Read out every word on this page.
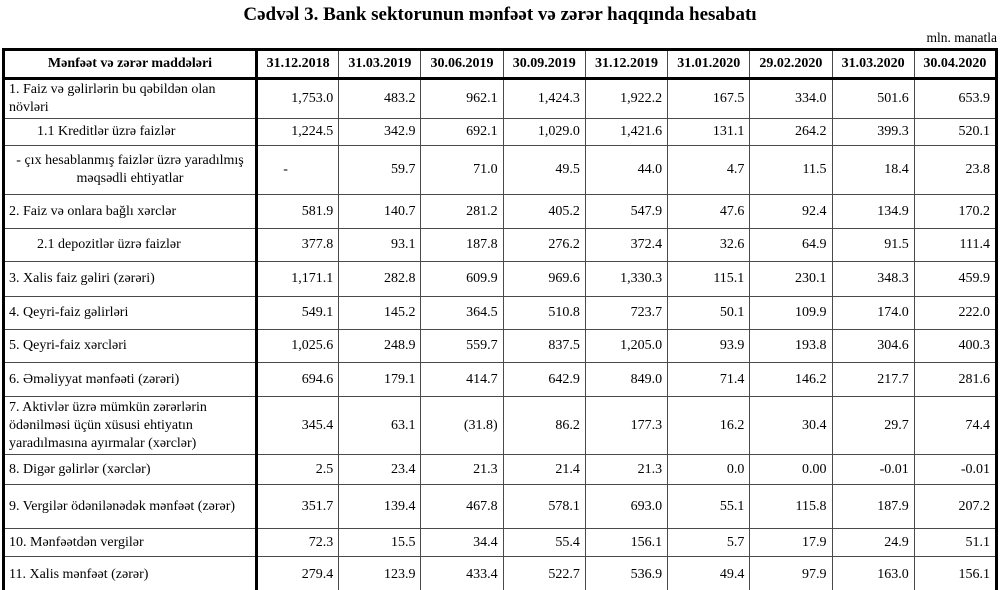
Cədvəl 3. Bank sektorunun mənfəət və zərər haqqında hesabatı
mln. manatla
Mənfəət və zərər maddələri	31.12.2018	31.03.2019	30.06.2019	30.09.2019	31.12.2019	31.01.2020	29.02.2020	31.03.2020	30.04.2020
1. Faiz və gəlirlərin bu qəbildən olan növləri	1,753.0	483.2	962.1	1,424.3	1,922.2	167.5	334.0	501.6	653.9
1.1 Kreditlər üzrə faizlər	1,224.5	342.9	692.1	1,029.0	1,421.6	131.1	264.2	399.3	520.1
- çıx hesablanmış faizlər üzrə yaradılmış məqsədli ehtiyatlar	-	59.7	71.0	49.5	44.0	4.7	11.5	18.4	23.8
2. Faiz və onlara bağlı xərclər	581.9	140.7	281.2	405.2	547.9	47.6	92.4	134.9	170.2
2.1 depozitlər üzrə faizlər	377.8	93.1	187.8	276.2	372.4	32.6	64.9	91.5	111.4
3. Xalis faiz gəliri (zərəri)	1,171.1	282.8	609.9	969.6	1,330.3	115.1	230.1	348.3	459.9
4. Qeyri-faiz gəlirləri	549.1	145.2	364.5	510.8	723.7	50.1	109.9	174.0	222.0
5. Qeyri-faiz xərcləri	1,025.6	248.9	559.7	837.5	1,205.0	93.9	193.8	304.6	400.3
6. Əməliyyat mənfəəti (zərəri)	694.6	179.1	414.7	642.9	849.0	71.4	146.2	217.7	281.6
7. Aktivlər üzrə mümkün zərərlərin ödənilməsi üçün xüsusi ehtiyatın yaradılmasına ayırmalar (xərclər)	345.4	63.1	(31.8)	86.2	177.3	16.2	30.4	29.7	74.4
8. Digər gəlirlər (xərclər)	2.5	23.4	21.3	21.4	21.3	0.0	0.00	-0.01	-0.01
9. Vergilər ödənilənədək mənfəət (zərər)	351.7	139.4	467.8	578.1	693.0	55.1	115.8	187.9	207.2
10. Mənfəətdən vergilər	72.3	15.5	34.4	55.4	156.1	5.7	17.9	24.9	51.1
11. Xalis mənfəət (zərər)	279.4	123.9	433.4	522.7	536.9	49.4	97.9	163.0	156.1
